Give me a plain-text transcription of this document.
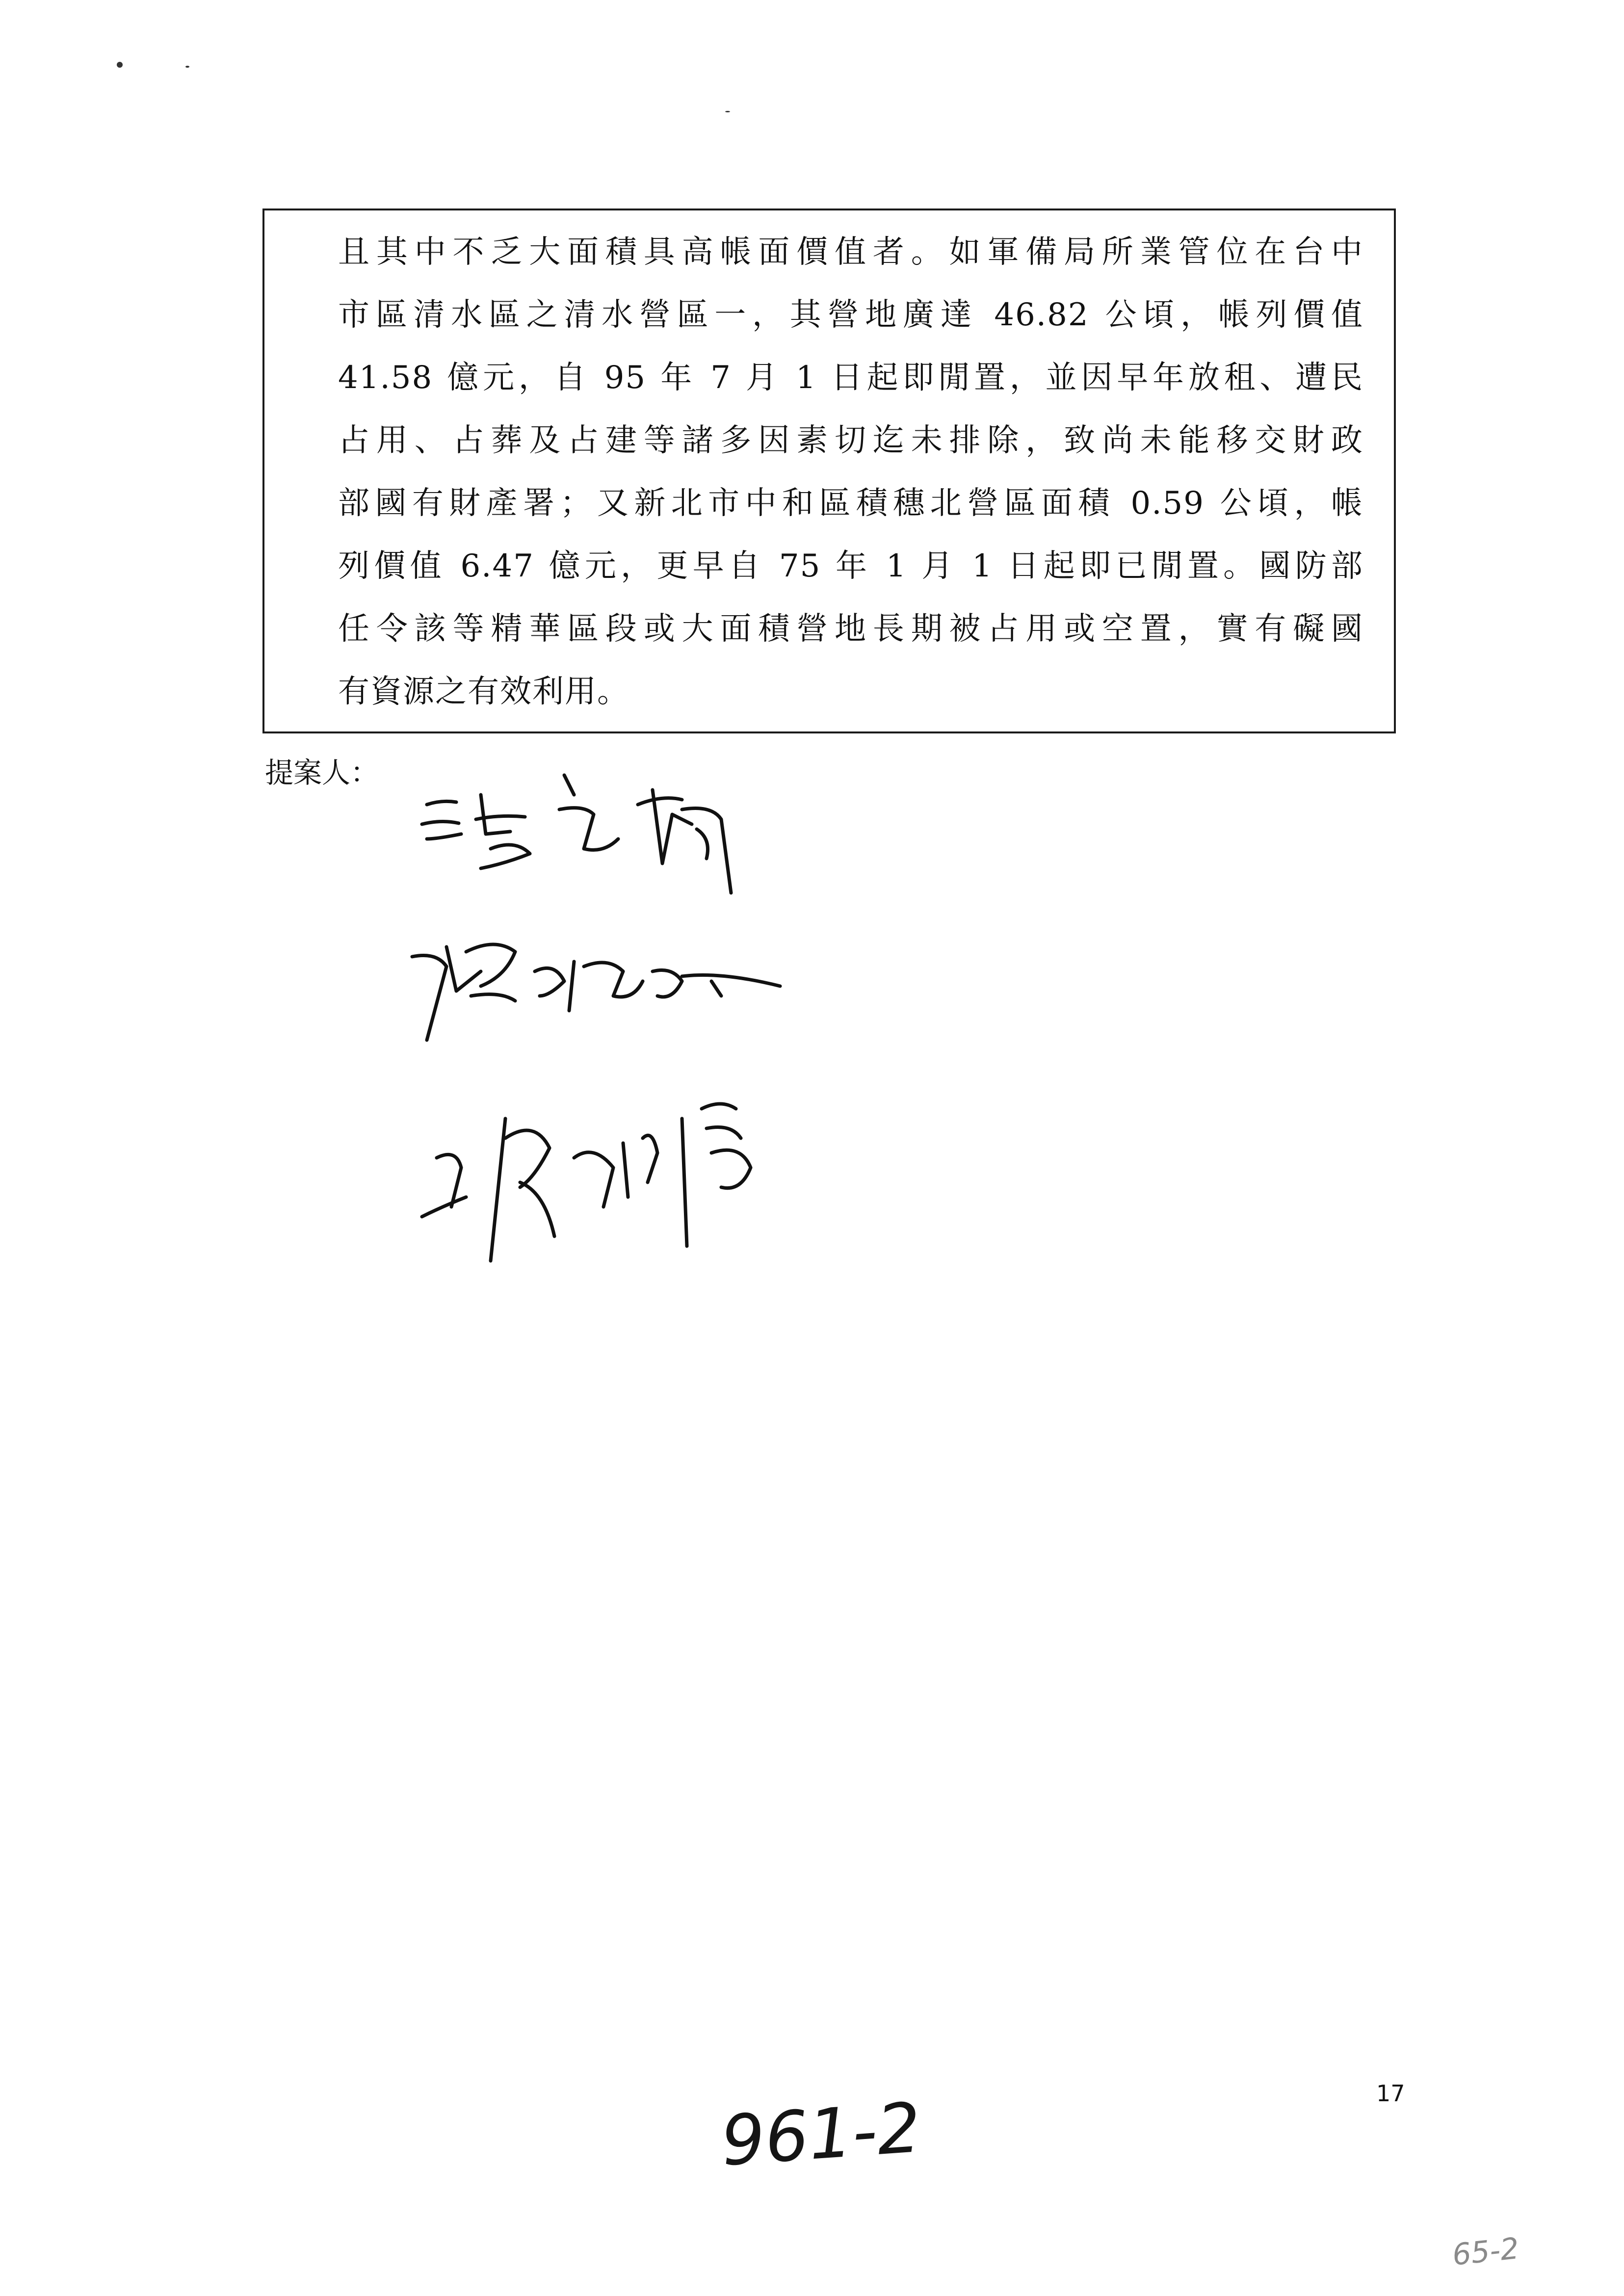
且其中不乏大面積具高帳面價值者。如軍備局所業管位在台中
市區清水區之清水營區一，其營地廣達 46.82 公頃，帳列價值
41.58 億元，自 95 年 7 月 1 日起即閒置，並因早年放租、遭民
占用、占葬及占建等諸多因素切迄未排除，致尚未能移交財政
部國有財產署；又新北市中和區積穗北營區面積 0.59 公頃，帳
列價值 6.47 億元，更早自 75 年 1 月 1 日起即已閒置。國防部
任令該等精華區段或大面積營地長期被占用或空置，實有礙國
有資源之有效利用。
提案人：
17
961-2
65-2
